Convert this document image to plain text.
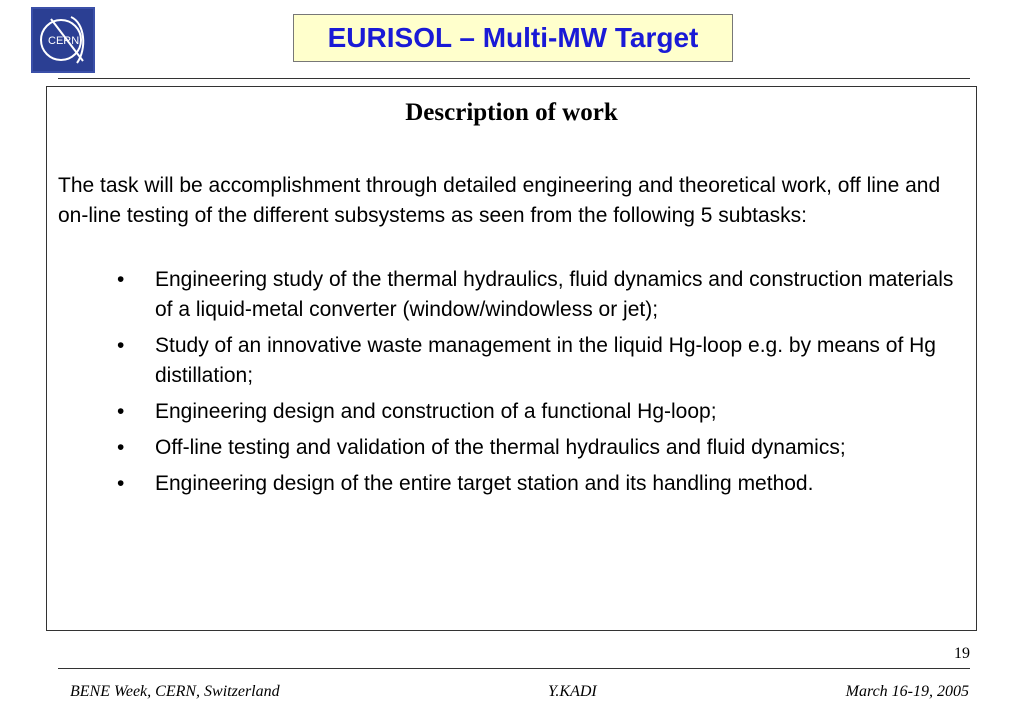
CERN	EURISOL – Multi-MW Target
Description of work
The task will be accomplishment through detailed engineering and theoretical work, off line and on-line testing of the different subsystems as seen from the following 5 subtasks:
• Engineering study of the thermal hydraulics, fluid dynamics and construction materials of a liquid-metal converter (window/windowless or jet);
• Study of an innovative waste management in the liquid Hg-loop e.g. by means of Hg distillation;
• Engineering design and construction of a functional Hg-loop;
• Off-line testing and validation of the thermal hydraulics and fluid dynamics;
• Engineering design of the entire target station and its handling method.
19
BENE Week, CERN, Switzerland	Y.KADI	March 16-19, 2005
